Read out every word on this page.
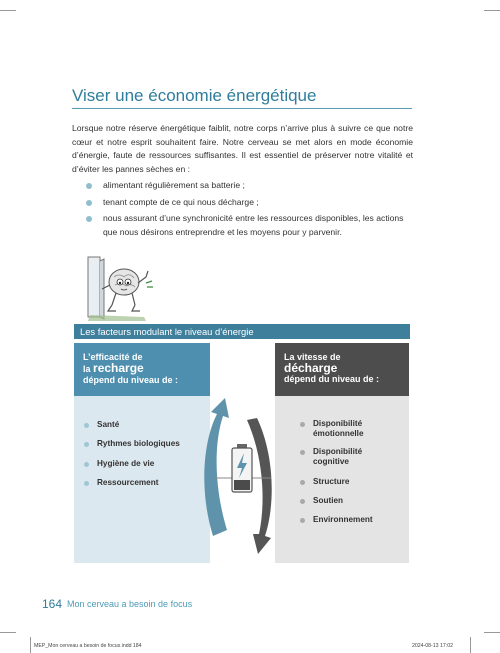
Viser une économie énergétique

Lorsque notre réserve énergétique faiblit, notre corps n’arrive plus à suivre ce que notre cœur et notre esprit souhaitent faire. Notre cerveau se met alors en mode économie d’énergie, faute de ressources suffisantes. Il est essentiel de préserver notre vitalité et d’éviter les pannes sèches en :

alimentant régulièrement sa batterie ;
tenant compte de ce qui nous décharge ;
nous assurant d’une synchronicité entre les ressources disponibles, les actions que nous désirons entreprendre et les moyens pour y parvenir.
Les facteurs modulant le niveau d’énergie
L’efficacité de
la recharge
dépend du niveau de :
La vitesse de
décharge
dépend du niveau de :
Santé
Rythmes biologiques
Hygiène de vie
Ressourcement
Disponibilité émotionnelle
Disponibilité cognitive
Structure
Soutien
Environnement
164 Mon cerveau a besoin de focus
MEP_Mon cerveau a besoin de focus.indd 184	2024-08-13 17:02
